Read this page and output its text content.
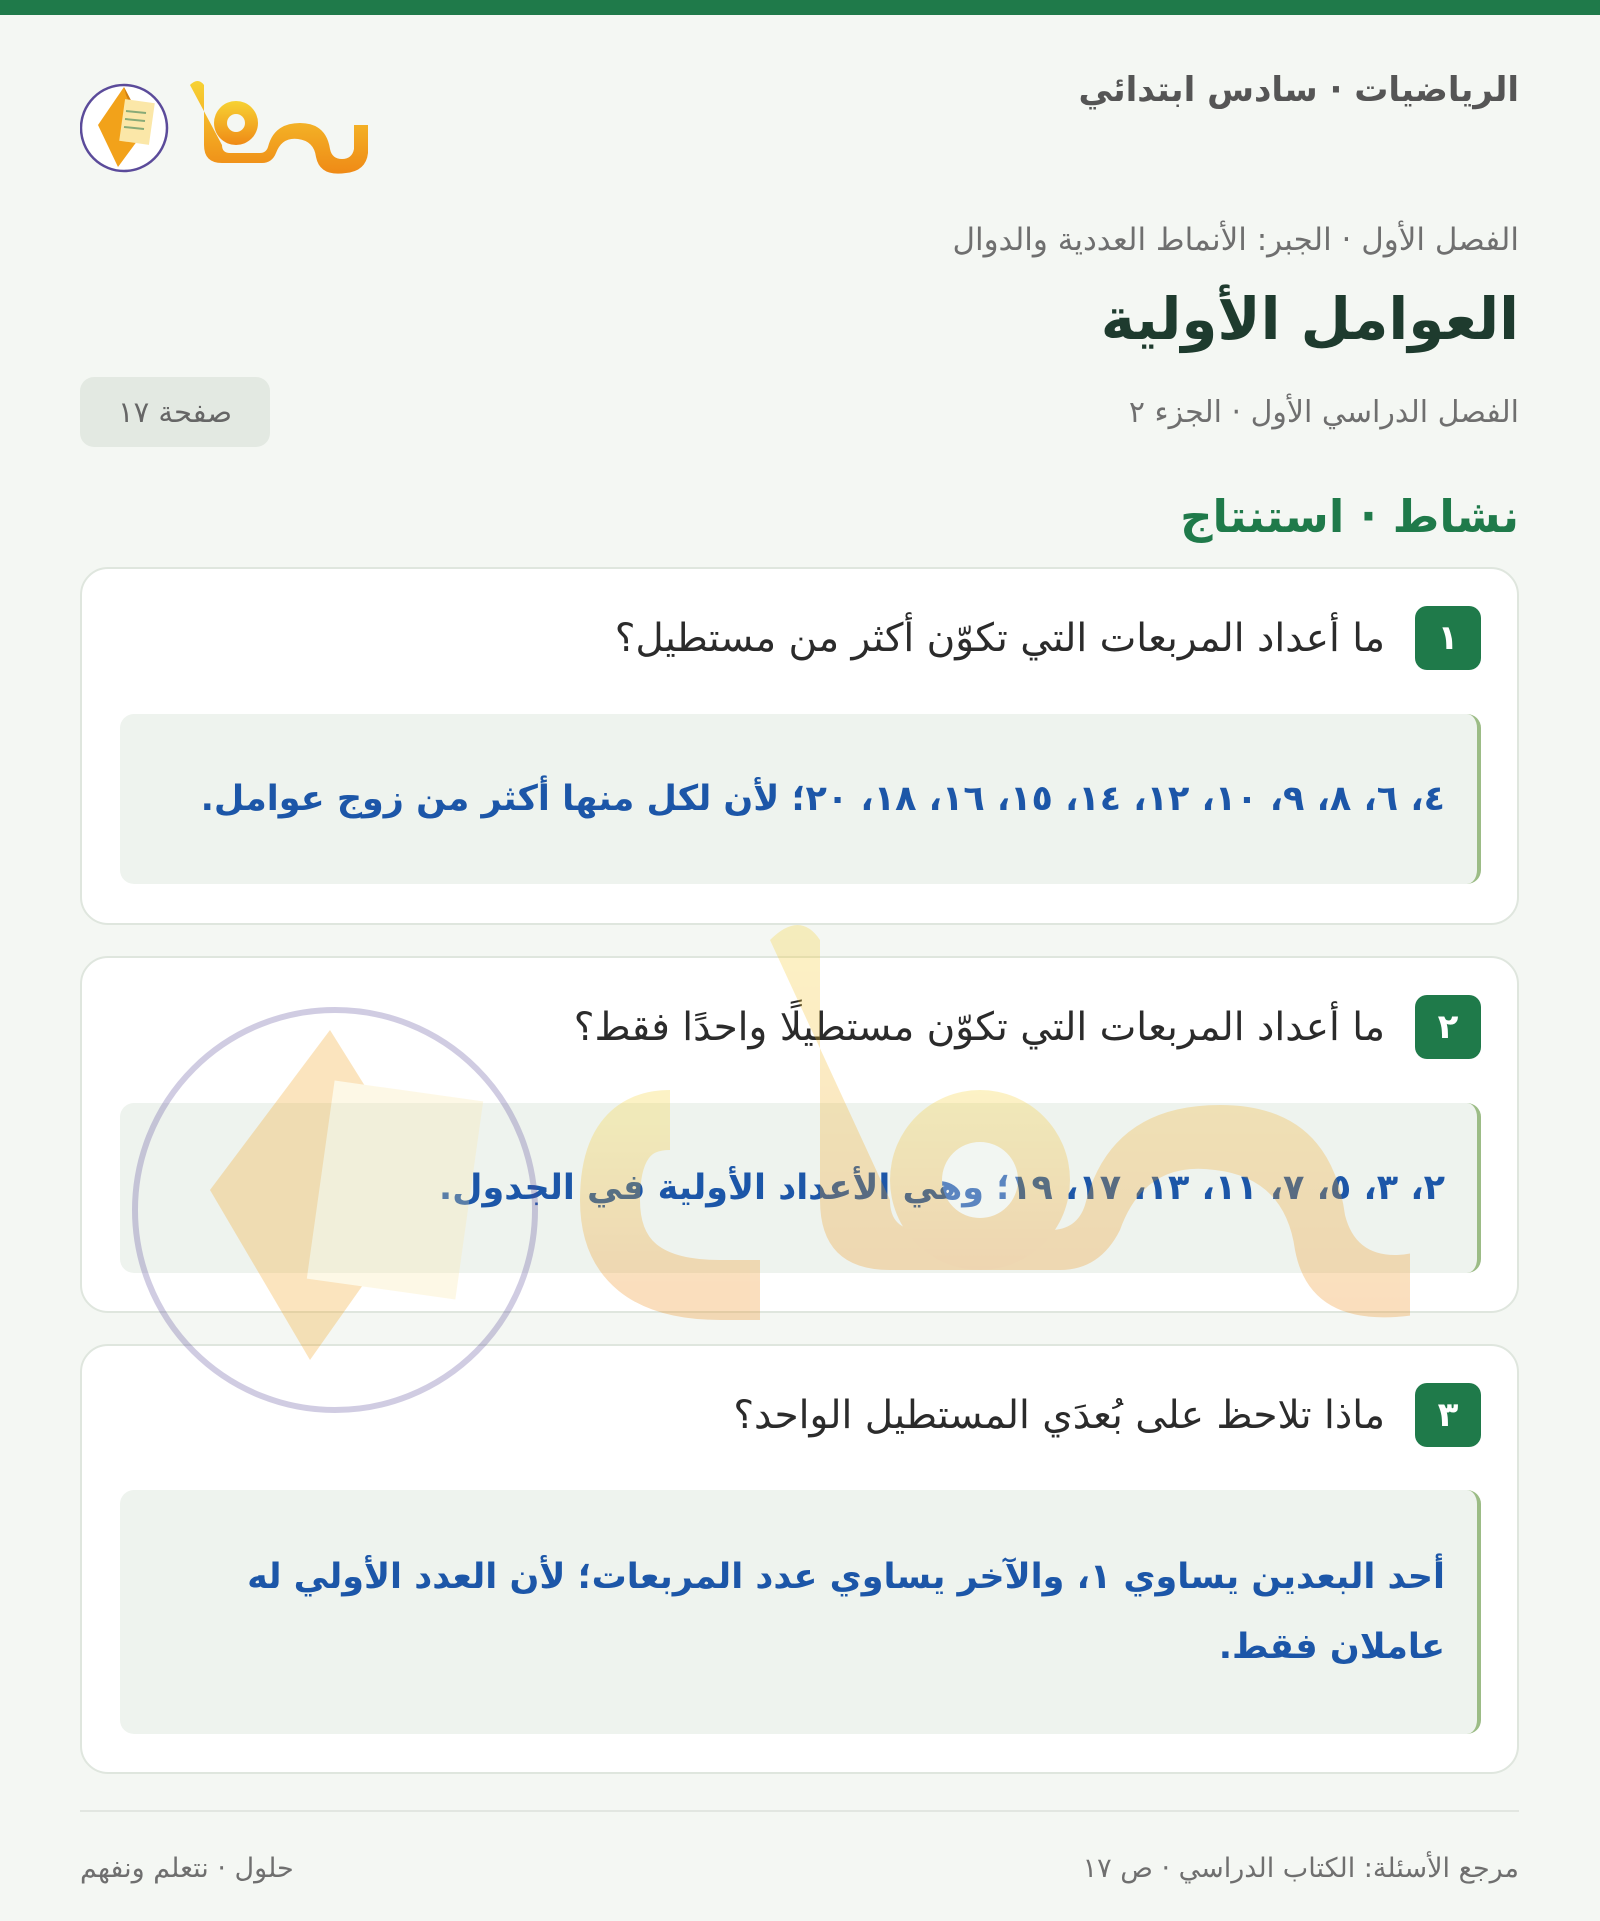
الرياضيات · سادس ابتدائي
الفصل الأول · الجبر: الأنماط العددية والدوال
العوامل الأولية
الفصل الدراسي الأول · الجزء ٢
صفحة ١٧
نشاط · استنتاج
١
ما أعداد المربعات التي تكوّن أكثر من مستطيل؟
٤، ٦، ٨، ٩، ١٠، ١٢، ١٤، ١٥، ١٦، ١٨، ٢٠؛ لأن لكل منها أكثر من زوج عوامل.
٢
ما أعداد المربعات التي تكوّن مستطيلًا واحدًا فقط؟
٢، ٣، ٥، ٧، ١١، ١٣، ١٧، ١٩؛ وهي الأعداد الأولية في الجدول.
٣
ماذا تلاحظ على بُعدَي المستطيل الواحد؟
أحد البعدين يساوي ١، والآخر يساوي عدد المربعات؛ لأن العدد الأولي له عاملان فقط.
مرجع الأسئلة: الكتاب الدراسي · ص ١٧
حلول · نتعلم ونفهم
